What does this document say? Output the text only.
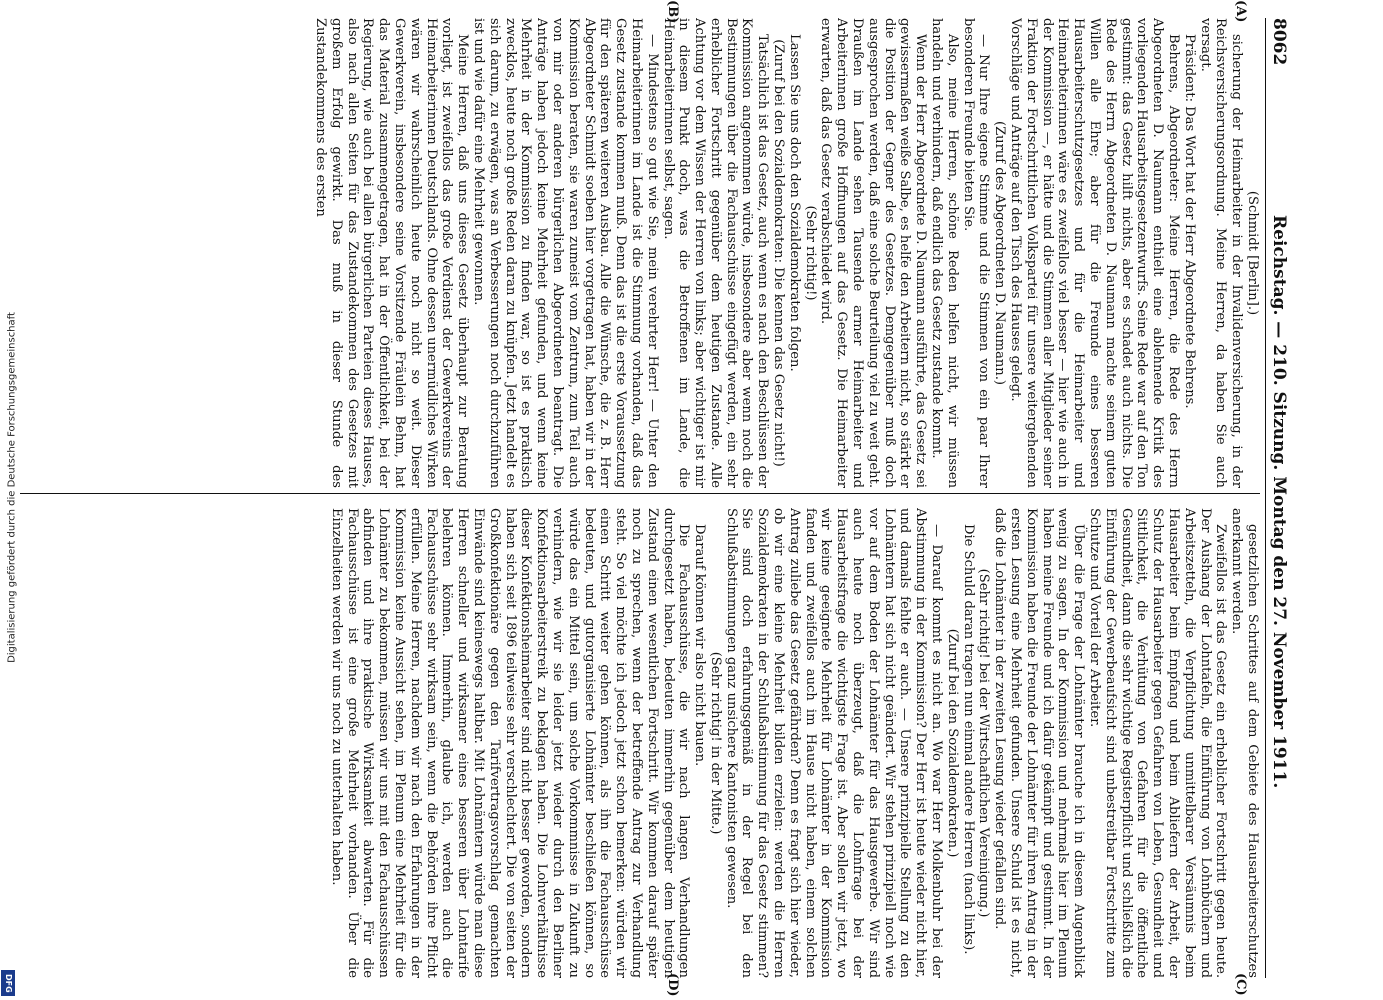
8062
Reichstag. — 210. Sitzung. Montag den 27. November 1911.
(A)
(B)
(C)
(D)

(Schmidt [Berlin].)

sicherung der Heimarbeiter in der Invalidenversicherung, in der Reichsversicherungsordnung. Meine Herren, da haben Sie auch versagt.

Präsident: Das Wort hat der Herr Abgeordnete Behrens.

Behrens, Abgeordneter: Meine Herren, die Rede des Herrn Abgeordneten D. Naumann enthielt eine ablehnende Kritik des vorliegenden Hausarbeitsgesetzentwurfs. Seine Rede war auf den Ton gestimmt: das Gesetz hilft nichts, aber es schadet auch nichts. Die Rede des Herrn Abgeordneten D. Naumann machte seinem guten Willen alle Ehre; aber für die Freunde eines besseren Hausarbeiterschutzgesetzes und für die Heimarbeiter und Heimarbeiterinnen wäre es zweifellos viel besser — hier wie auch in der Kommission —, er hätte und die Stimmen aller Mitglieder seiner Fraktion der Fortschrittlichen Volkspartei für unsere weitergehenden Vorschläge und Anträge auf den Tisch des Hauses gelegt.

(Zuruf des Abgeordneten D. Naumann.)

— Nur Ihre eigene Stimme und die Stimmen von ein paar Ihrer besonderen Freunde bieten Sie.

Also, meine Herren, schöne Reden helfen nicht, wir müssen handeln und verhindern, daß endlich das Gesetz zustande kommt.

Wenn der Herr Abgeordnete D. Naumann ausführte, das Gesetz sei gewissermaßen weiße Salbe, es helfe den Arbeitern nicht, so stärkt er die Position der Gegner des Gesetzes. Demgegenüber muß doch ausgesprochen werden, daß eine solche Beurteilung viel zu weit geht. Draußen im Lande sehen Tausende armer Heimarbeiter und Arbeiterinnen große Hoffnungen auf das Gesetz. Die Heimarbeiter erwarten, daß das Gesetz verabschiedet wird.

(Sehr richtig!)

Lassen Sie uns doch den Sozialdemokraten folgen.

(Zuruf bei den Sozialdemokraten: Die kennen das Gesetz nicht!)

Tatsächlich ist das Gesetz, auch wenn es nach den Beschlüssen der Kommission angenommen würde, insbesondere aber wenn noch die Bestimmungen über die Fachausschüsse eingefügt werden, ein sehr erheblicher Fortschritt gegenüber dem heutigen Zustande. Alle Achtung vor dem Wissen der Herren von links; aber wichtiger ist mir in diesem Punkt doch, was die Betroffenen im Lande, die Heimarbeiterinnen selbst, sagen.

— Mindestens so gut wie Sie, mein verehrter Herr! — Unter den Heimarbeiterinnen im Lande ist die Stimmung vorhanden, daß das Gesetz zustande kommen muß. Denn das ist die erste Voraussetzung für den späteren weiteren Ausbau. Alle die Wünsche, die z. B. Herr Abgeordneter Schmidt soeben hier vorgetragen hat, haben wir in der Kommission beraten, sie waren zumeist vom Zentrum, zum Teil auch von mir oder anderen bürgerlichen Abgeordneten beantragt. Die Anträge haben jedoch keine Mehrheit gefunden, und wenn keine Mehrheit in der Kommission zu finden war, so ist es praktisch zwecklos, heute noch große Reden daran zu knüpfen. Jetzt handelt es sich darum, zu erwägen, was an Verbesserungen noch durchzuführen ist und wie dafür eine Mehrheit gewonnen.

Meine Herren, daß uns dieses Gesetz überhaupt zur Beratung vorliegt, ist zweifellos das große Verdienst der Gewerkvereins der Heimarbeiterinnen Deutschlands. Ohne dessen unermüdliches Wirken wären wir wahrscheinlich heute noch nicht so weit. Dieser Gewerkverein, insbesondere seine Vorsitzende Fräulein Behm, hat das Material zusammengetragen, hat in der Öffentlichkeit, bei der Regierung, wie auch bei allen bürgerlichen Parteien dieses Hauses, also nach allen Seiten für das Zustandekommen des Gesetzes mit großem Erfolg gewirkt. Das muß in dieser Stunde des Zustandekommens des ersten

gesetzlichen Schrittes auf dem Gebiete des Hausarbeiterschutzes anerkannt werden.

Zweifellos ist das Gesetz ein erheblicher Fortschritt gegen heute. Der Aushang der Lohntafeln, die Einführung von Lohnbüchern und Arbeitszetteln, die Verpflichtung unmittelbarer Versäumnis beim Hausarbeiter beim Empfang und beim Abliefern der Arbeit, der Schutz der Hausarbeiter gegen Gefahren von Leben, Gesundheit und Sittlichkeit, die Verhütung von Gefahren für die öffentliche Gesundheit, dann die sehr wichtige Registerpflicht und schließlich die Einführung der Gewerbeaufsicht sind unbestreitbar Fortschritte zum Schutze und Vorteil der Arbeiter.

Über die Frage der Lohnämter brauche ich in diesem Augenblick wenig zu sagen. In der Kommission und mehrmals hier im Plenum haben meine Freunde und ich dafür gekämpft und gestimmt. In der Kommission haben die Freunde der Lohnämter für ihren Antrag in der ersten Lesung eine Mehrheit gefunden. Unsere Schuld ist es nicht, daß die Lohnämter in der zweiten Lesung wieder gefallen sind.

(Sehr richtig! bei der Wirtschaftlichen Vereinigung.)

Die Schuld daran tragen nun einmal andere Herren (nach links).

(Zuruf bei den Sozialdemokraten.)

— Darauf kommt es nicht an. Wo war Herr Molkenbuhr bei der Abstimmung in der Kommission? Der Herr ist heute wieder nicht hier, und damals fehlte er auch. — Unsere prinzipielle Stellung zu den Lohnämtern hat sich nicht geändert. Wir stehen prinzipiell noch wie vor auf dem Boden der Lohnämter für das Hausgewerbe. Wir sind auch heute noch überzeugt, daß die Lohnfrage bei der Hausarbeitsfrage die wichtigste Frage ist. Aber sollen wir jetzt, wo wir keine geeignete Mehrheit für Lohnämter in der Kommission fanden und zweifellos auch im Hause nicht haben, einem solchen Antrag zuliebe das Gesetz gefährden? Denn es fragt sich hier wieder, ob wir eine kleine Mehrheit bilden erzielen: werden die Herren Sozialdemokraten in der Schlußabstimmung für das Gesetz stimmen? Sie sind doch erfahrungsgemäß in der Regel bei den Schlußabstimmungen ganz unsichere Kantonisten gewesen.

(Sehr richtig! in der Mitte.)

Darauf können wir also nicht bauen.

Die Fachausschüsse, die wir nach langen Verhandlungen durchgesetzt haben, bedeuten immerhin gegenüber dem heutigen Zustand einen wesentlichen Fortschritt. Wir kommen darauf später noch zu sprechen, wenn der betreffende Antrag zur Verhandlung steht. So viel möchte ich jedoch jetzt schon bemerken: würden wir einen Schritt weiter gehen können, als ihn die Fachausschüsse bedeuten, und gutorganisierte Lohnämter beschließen können, so würde das ein Mittel sein, um solche Vorkommnisse in Zukunft zu verhindern, wie wir sie leider jetzt wieder durch den Berliner Konfektionsarbeiterstreik zu beklagen haben. Die Lohnverhältnisse dieser Konfektionsheimarbeiter sind nicht besser geworden, sondern haben sich seit 1896 teilweise sehr verschlechtert. Die von seiten der Großkonfektionäre gegen den Tarifvertragsvorschlag gemachten Einwände sind keineswegs haltbar. Mit Lohnämtern würde man diese Herren schneller und wirksamer eines besseren über Lohntarife belehren können. Immerhin, glaube ich, werden auch die Fachausschüsse sehr wirksam sein, wenn die Behörden ihre Pflicht erfüllen. Meine Herren, nachdem wir nach den Erfahrungen in der Kommission keine Aussicht sehen, im Plenum eine Mehrheit für die Lohnämter zu bekommen, müssen wir uns mit den Fachausschüssen abfinden und ihre praktische Wirksamkeit abwarten. Für die Fachausschüsse ist eine große Mehrheit vorhanden. Über die Einzelheiten werden wir uns noch zu unterhalten haben.

Digitalisierung gefördert durch die Deutsche Forschungsgemeinschaft
DFG
